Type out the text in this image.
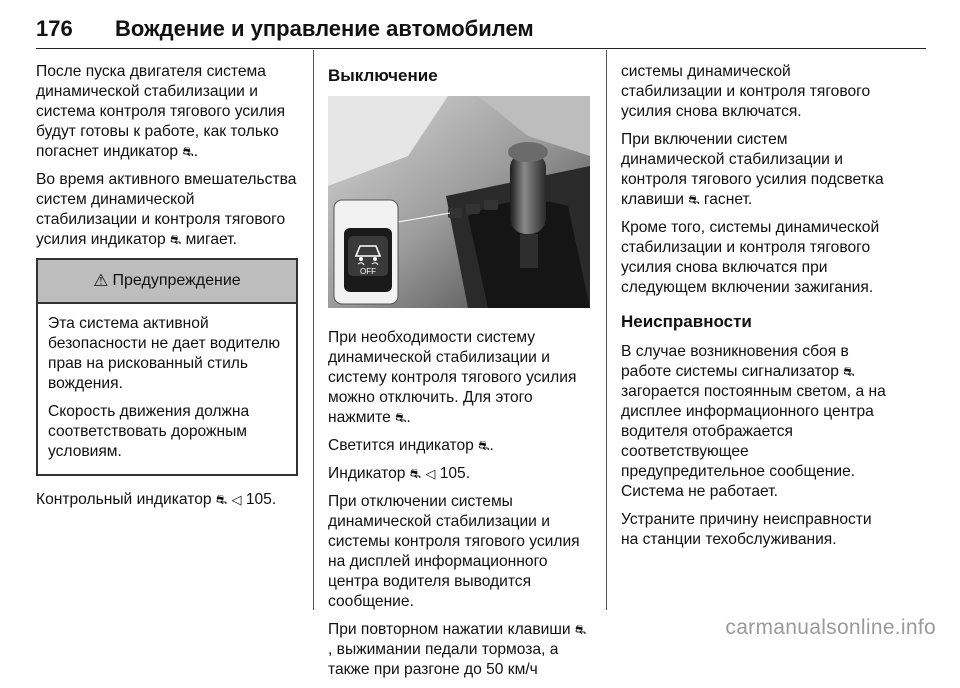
176 Вождение и управление автомобилем

После пуска двигателя система динамической стабилизации и система контроля тягового усилия будут готовы к работе, как только погаснет индикатор ⛐.

Во время активного вмешательства систем динамической стабилизации и контроля тягового усилия индикатор ⛐ мигает.

⚠ Предупреждение

Эта система активной безопасности не дает водителю прав на рискованный стиль вождения.

Скорость движения должна соответствовать дорожным условиям.

Контрольный индикатор ⛐ ◁ 105.

Выключение
OFF

При необходимости систему динамической стабилизации и систему контроля тягового усилия можно отключить. Для этого нажмите ⛐.

Светится индикатор ⛐.

Индикатор ⛐ ◁ 105.

При отключении системы динамической стабилизации и системы контроля тягового усилия на дисплей информационного центра водителя выводится сообщение.

При повторном нажатии клавиши ⛐, выжимании педали тормоза, а также при разгоне до 50 км/ч

системы динамической стабилизации и контроля тягового усилия снова включатся.

При включении систем динамической стабилизации и контроля тягового усилия подсветка клавиши ⛐ гаснет.

Кроме того, системы динамической стабилизации и контроля тягового усилия снова включатся при следующем включении зажигания.

Неисправности

В случае возникновения сбоя в работе системы сигнализатор ⛐ загорается постоянным светом, а на дисплее информационного центра водителя отображается соответствующее предупредительное сообщение. Система не работает.

Устраните причину неисправности на станции техобслуживания.

carmanualsonline.info
